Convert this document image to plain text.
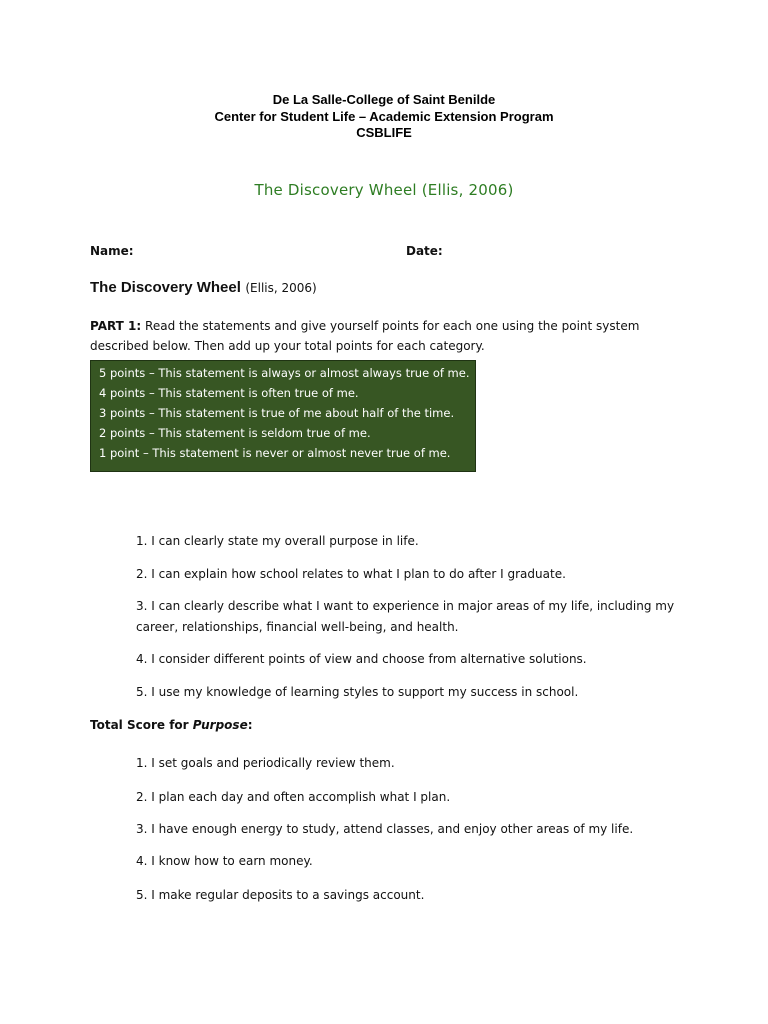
De La Salle-College of Saint Benilde
Center for Student Life – Academic Extension Program
CSBLIFE
The Discovery Wheel (Ellis, 2006)
Name:	Date:
The Discovery Wheel (Ellis, 2006)
PART 1: Read the statements and give yourself points for each one using the point system described below. Then add up your total points for each category.
5 points – This statement is always or almost always true of me.
4 points – This statement is often true of me.
3 points – This statement is true of me about half of the time.
2 points – This statement is seldom true of me.
1 point – This statement is never or almost never true of me.
1. I can clearly state my overall purpose in life.
2. I can explain how school relates to what I plan to do after I graduate.
3. I can clearly describe what I want to experience in major areas of my life, including my career, relationships, financial well-being, and health.
4. I consider different points of view and choose from alternative solutions.
5. I use my knowledge of learning styles to support my success in school.
Total Score for Purpose:
1. I set goals and periodically review them.
2. I plan each day and often accomplish what I plan.
3. I have enough energy to study, attend classes, and enjoy other areas of my life.
4. I know how to earn money.
5. I make regular deposits to a savings account.
